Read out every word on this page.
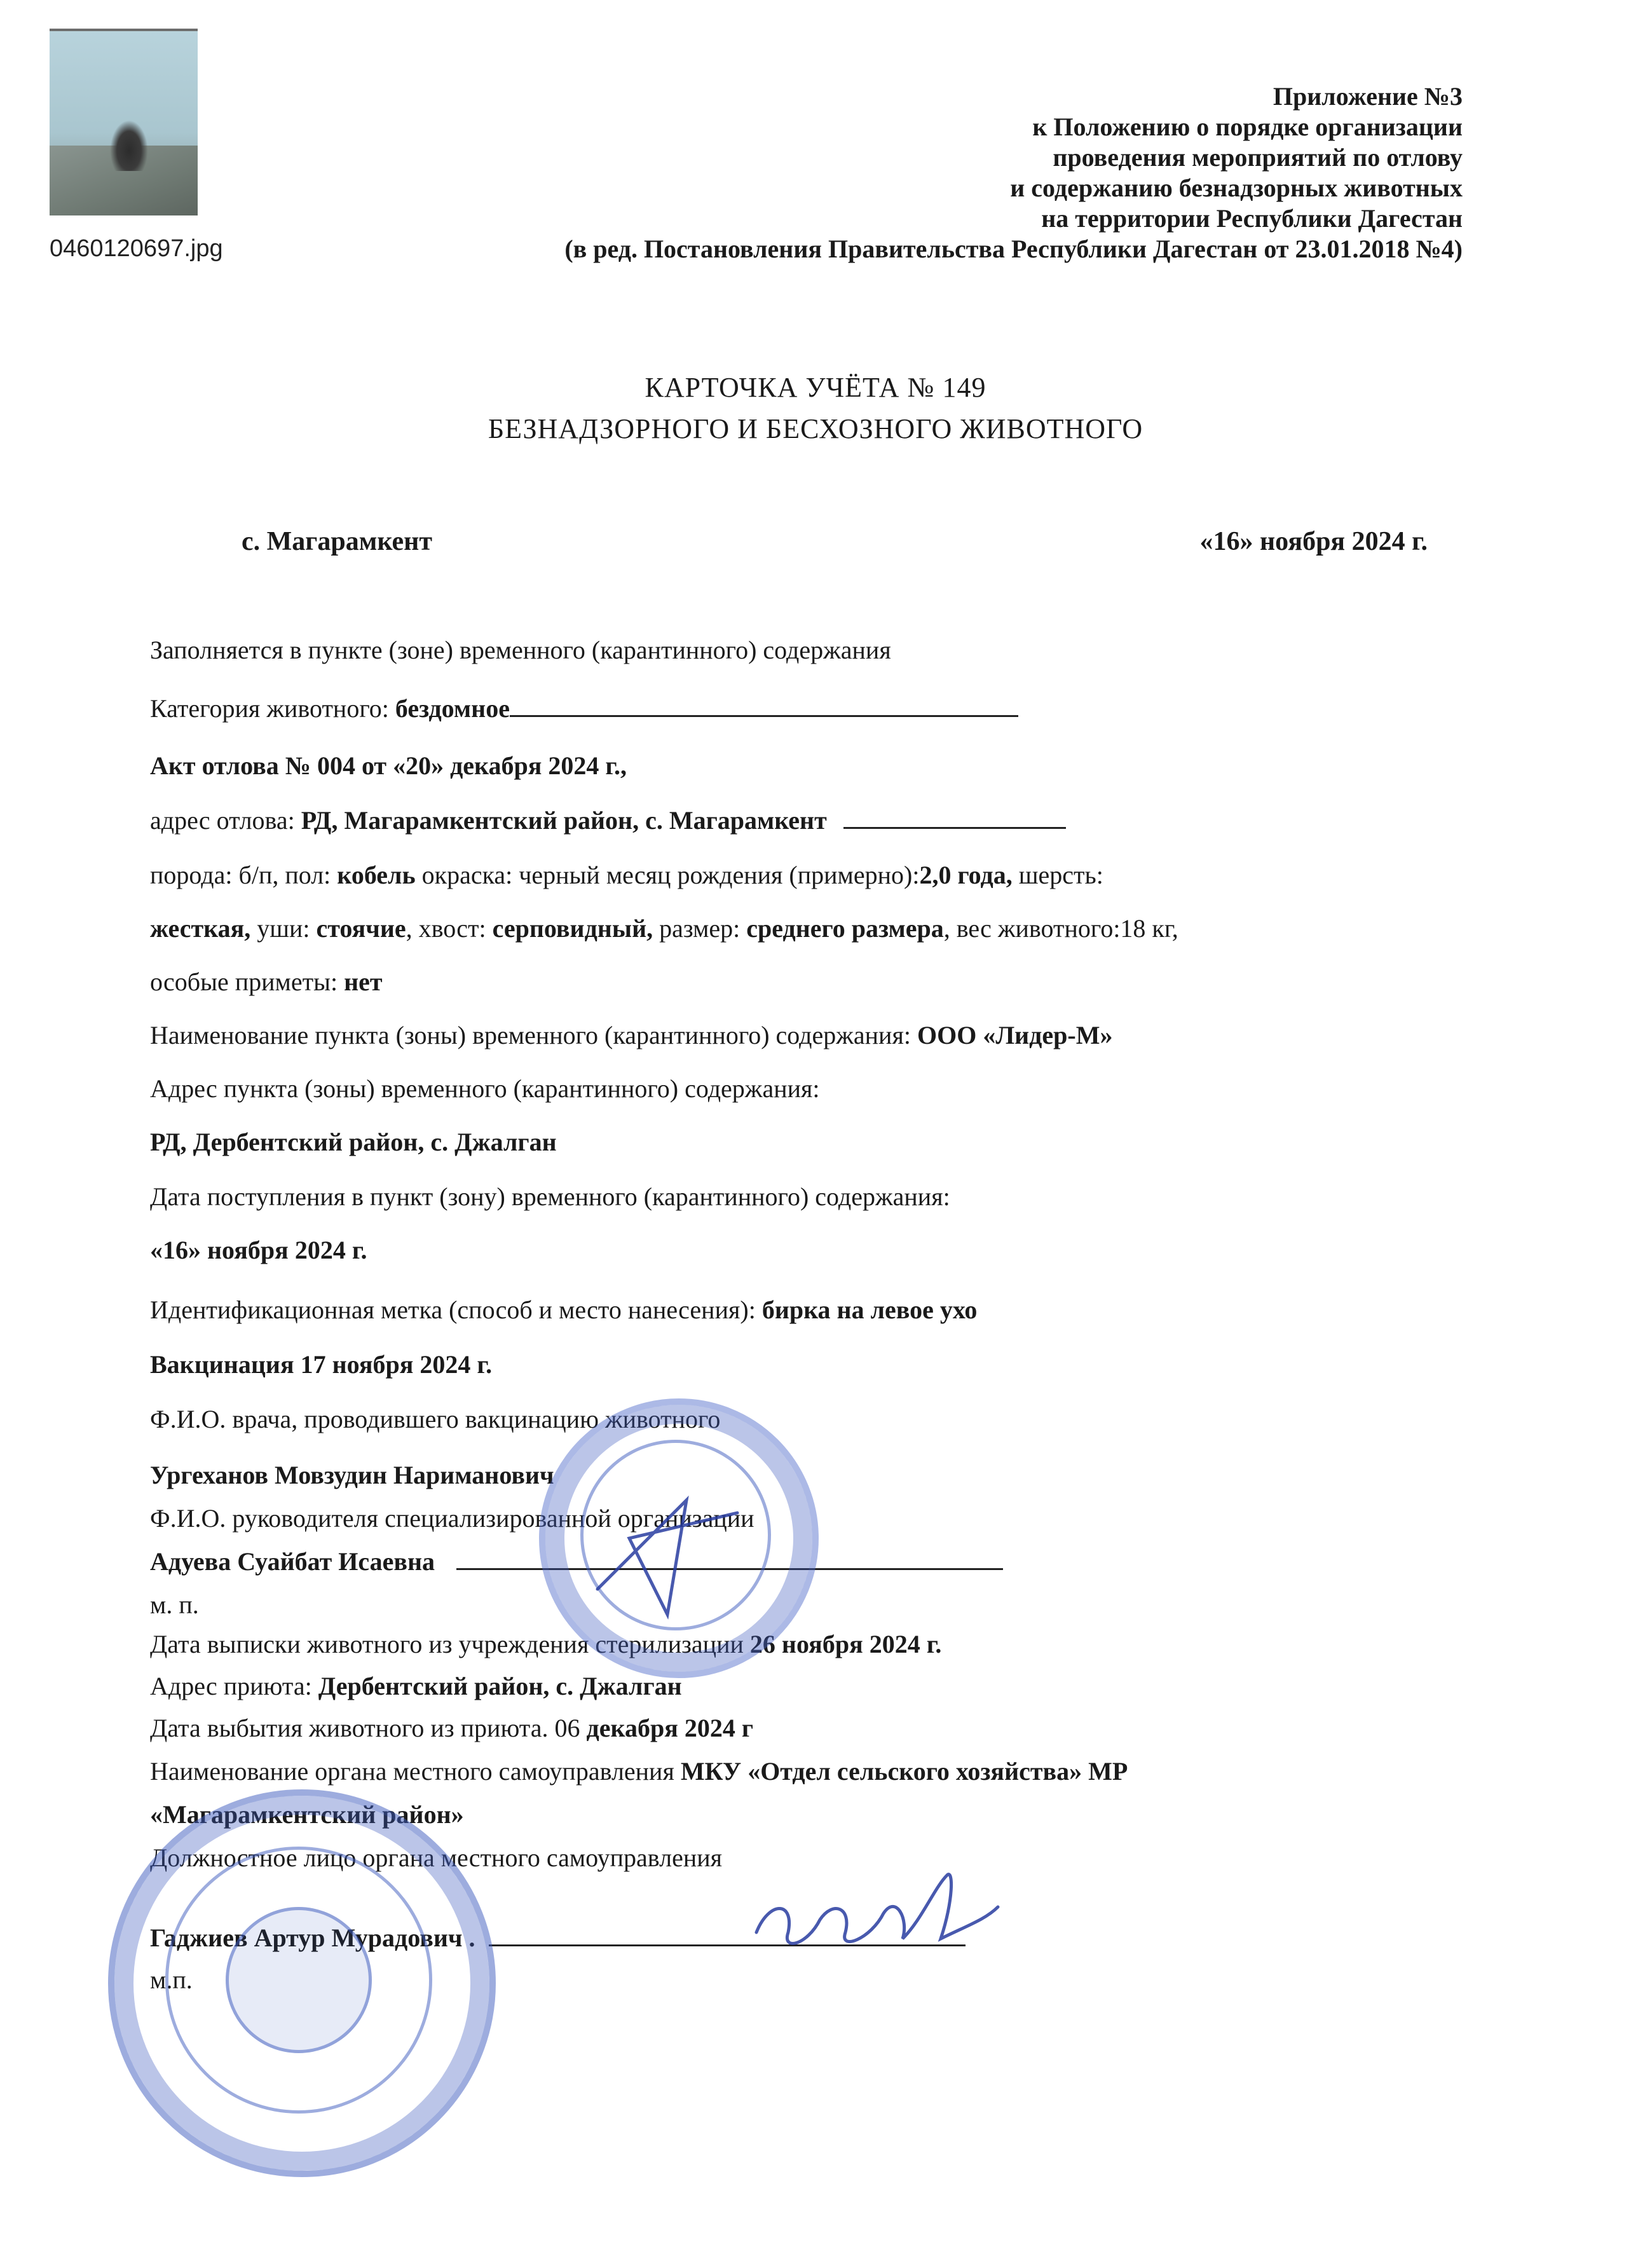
0460120697.jpg
Приложение №3
к Положению о порядке организации
проведения мероприятий по отлову
и содержанию безнадзорных животных
на территории Республики Дагестан
(в ред. Постановления Правительства Республики Дагестан от 23.01.2018 №4)
КАРТОЧКА УЧЁТА № 149
БЕЗНАДЗОРНОГО И БЕСХОЗНОГО ЖИВОТНОГО
с. Магарамкент	«16» ноября 2024 г.
Заполняется в пункте (зоне) временного (карантинного) содержания
Категория животного: бездомное
Акт отлова № 004 от «20» декабря 2024 г.,
адрес отлова: РД, Магарамкентский район, с. Магарамкент
порода: б/п, пол: кобель окраска: черный месяц рождения (примерно):2,0 года, шерсть:
жесткая, уши: стоячие, хвост: серповидный, размер: среднего размера, вес животного:18 кг,
особые приметы: нет
Наименование пункта (зоны) временного (карантинного) содержания: ООО «Лидер-М»
Адрес пункта (зоны) временного (карантинного) содержания:
РД, Дербентский район, с. Джалган
Дата поступления в пункт (зону) временного (карантинного) содержания:
«16» ноября 2024 г.
Идентификационная метка (способ и место нанесения): бирка на левое ухо
Вакцинация 17 ноября 2024 г.
Ф.И.О. врача, проводившего вакцинацию животного
Ургеханов Мовзудин Нариманович
Ф.И.О. руководителя специализированной организации
Адуева Суайбат Исаевна
м. п.
Дата выписки животного из учреждения стерилизации 26 ноября 2024 г.
Адрес приюта: Дербентский район, с. Джалган
Дата выбытия животного из приюта. 06 декабря 2024 г
Наименование органа местного самоуправления МКУ «Отдел сельского хозяйства» МР
«Магарамкентский район»
Должностное лицо органа местного самоуправления
Гаджиев Артур Мурадович .
м.п.
